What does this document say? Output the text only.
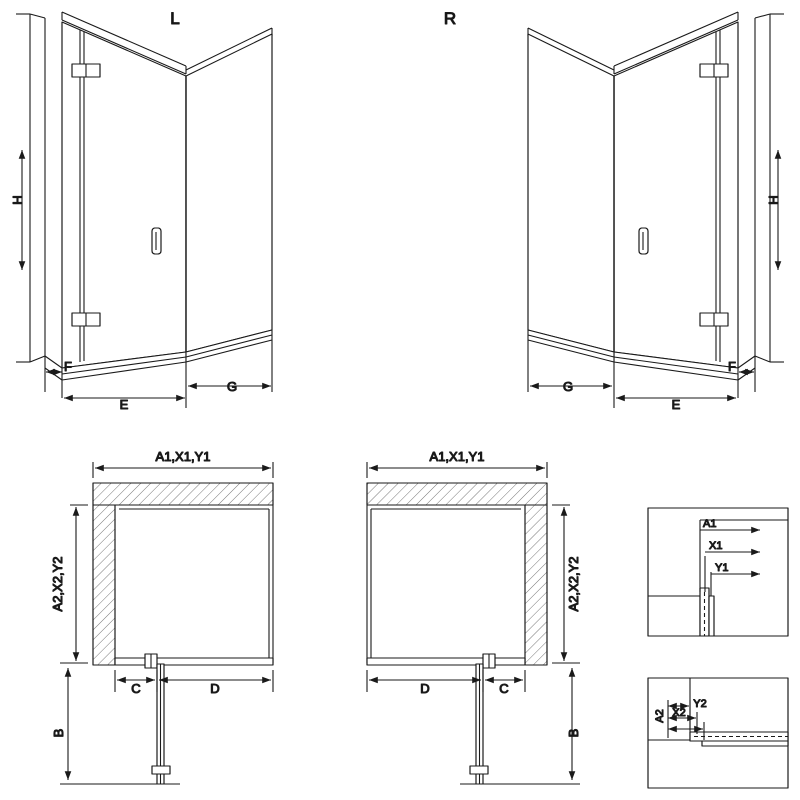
L
F
E
G
H
R
F
E
G
H
A1,X1,Y1
A2,X2,Y2
C	D
B
A1,X1,Y1
A2,X2,Y2
D	C
B
A1
X1
Y1
A2 X2
Y2
